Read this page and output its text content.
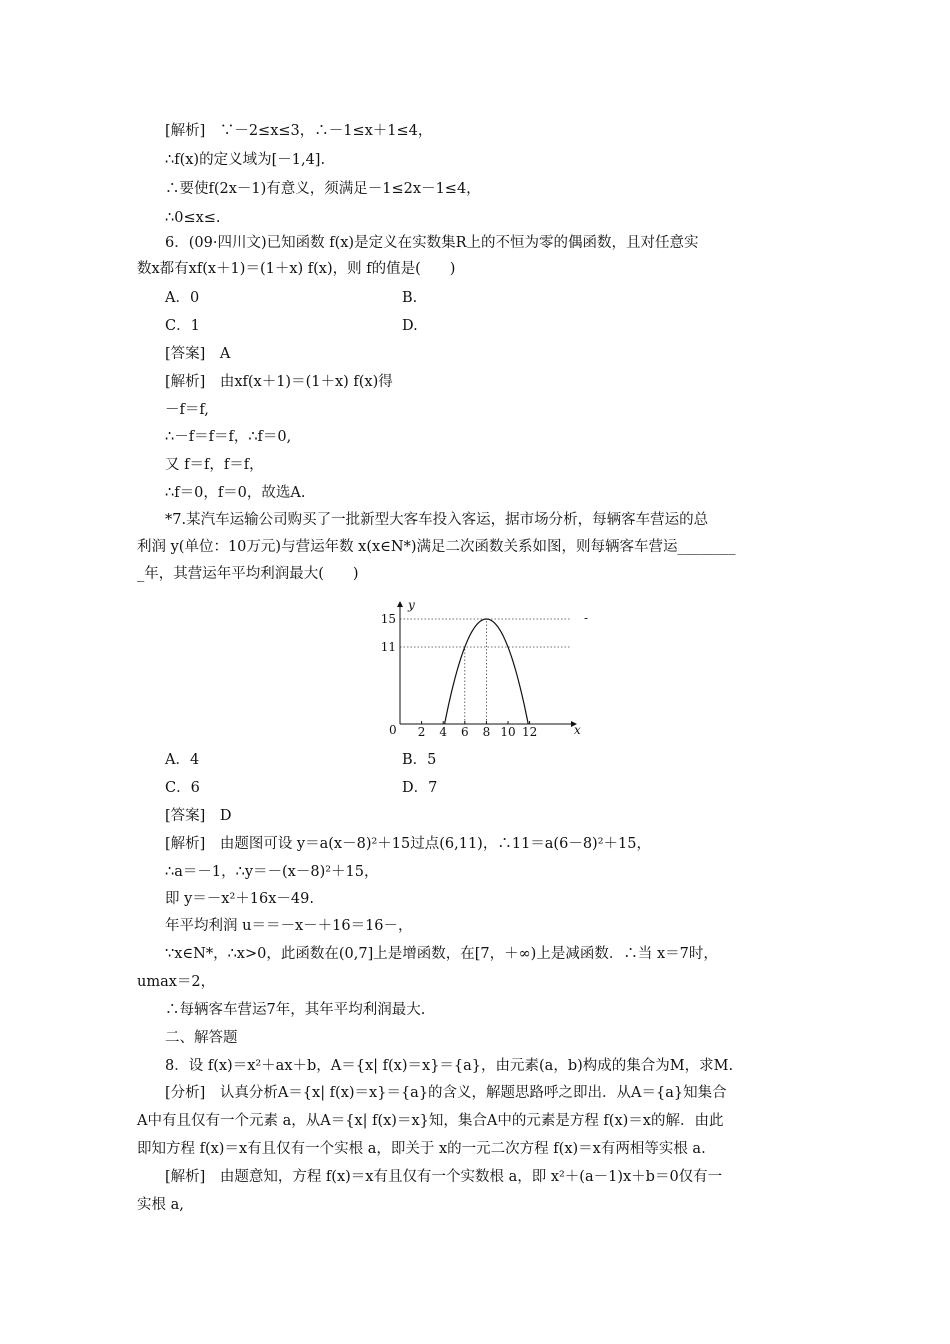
[解析]　∵－2≤x≤3，∴－1≤x＋1≤4，
∴f(x)的定义域为[－1,4].
∴要使f(2x－1)有意义，须满足－1≤2x－1≤4，
∴0≤x≤.
6．(09·四川文)已知函数 f(x)是定义在实数集R上的不恒为零的偶函数，且对任意实
数x都有xf(x＋1)＝(1＋x) f(x)，则 f的值是(　　)
A．0	B.
C．1	D.
[答案]　A
[解析]　由xf(x＋1)＝(1＋x) f(x)得
－f＝f,
∴－f＝f＝f，∴f＝0,
又 f＝f，f＝f，
∴f＝0，f＝0，故选A.
*7.某汽车运输公司购买了一批新型大客车投入客运，据市场分析，每辆客车营运的总
利润 y(单位：10万元)与营运年数 x(x∈N*)满足二次函数关系如图，则每辆客车营运________
_年，其营运年平均利润最大(　　)
2 4 6 8 10 12
11
15
y
x
0
-
A．4	B．5
C．6	D．7
[答案]　D
[解析]　由题图可设 y＝a(x－8)²＋15过点(6,11)，∴11＝a(6－8)²＋15，
∴a＝－1，∴y＝－(x－8)²＋15，
即 y＝－x²＋16x－49.
年平均利润 u＝＝－x－＋16＝16－，
∵x∈N*，∴x>0，此函数在(0,7]上是增函数，在[7，＋∞)上是减函数．∴当 x＝7时，
umax＝2，
∴每辆客车营运7年，其年平均利润最大.
二、解答题
8．设 f(x)＝x²＋ax＋b，A＝{x| f(x)＝x}＝{a}，由元素(a，b)构成的集合为M，求M.
[分析]　认真分析A＝{x| f(x)＝x}＝{a}的含义，解题思路呼之即出．从A＝{a}知集合
A中有且仅有一个元素 a，从A＝{x| f(x)＝x}知，集合A中的元素是方程 f(x)＝x的解．由此
即知方程 f(x)＝x有且仅有一个实根 a，即关于 x的一元二次方程 f(x)＝x有两相等实根 a.
[解析]　由题意知，方程 f(x)＝x有且仅有一个实数根 a，即 x²＋(a－1)x＋b＝0仅有一
实根 a,
